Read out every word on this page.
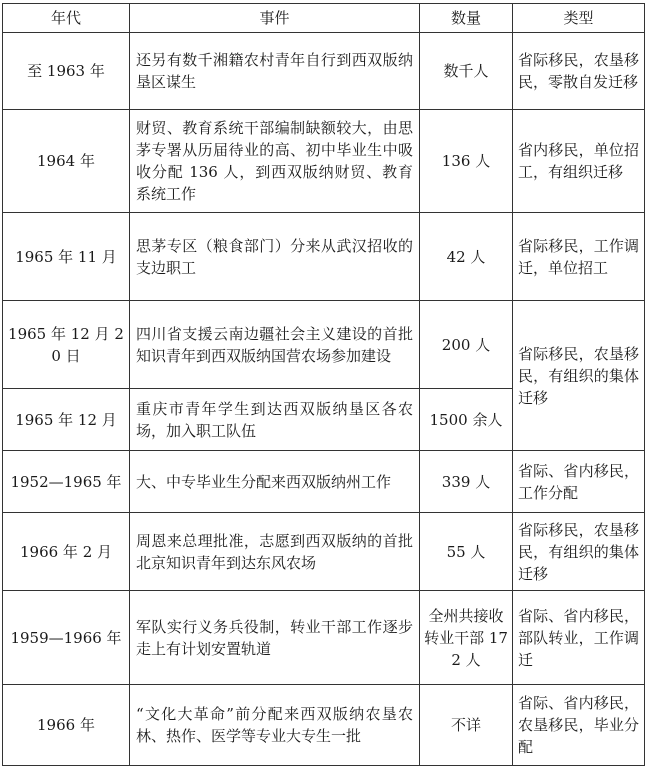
年代	事件	数量	类型
至 1963 年	还另有数千湘籍农村青年自行到西双版纳垦区谋生	数千人	省际移民，农垦移民，零散自发迁移
1964 年	财贸、教育系统干部编制缺额较大，由思茅专署从历届待业的高、初中毕业生中吸收分配 136 人，到西双版纳财贸、教育系统工作	136 人	省内移民，单位招工，有组织迁移
1965 年 11 月	思茅专区（粮食部门）分来从武汉招收的支边职工	42 人	省际移民，工作调迁，单位招工
1965 年 12 月 20 日	四川省支援云南边疆社会主义建设的首批知识青年到西双版纳国营农场参加建设	200 人	省际移民，农垦移民，有组织的集体迁移
1965 年 12 月	重庆市青年学生到达西双版纳垦区各农场，加入职工队伍	1500 余人	
1952—1965 年	大、中专毕业生分配来西双版纳州工作	339 人	省际、省内移民，工作分配
1966 年 2 月	周恩来总理批准，志愿到西双版纳的首批北京知识青年到达东风农场	55 人	省际移民，农垦移民，有组织的集体迁移
1959—1966 年	军队实行义务兵役制，转业干部工作逐步走上有计划安置轨道	全州共接收转业干部 172 人	省际、省内移民，部队转业，工作调迁
1966 年	“文化大革命”前分配来西双版纳农垦农林、热作、医学等专业大专生一批	不详	省际、省内移民，农垦移民，毕业分配
